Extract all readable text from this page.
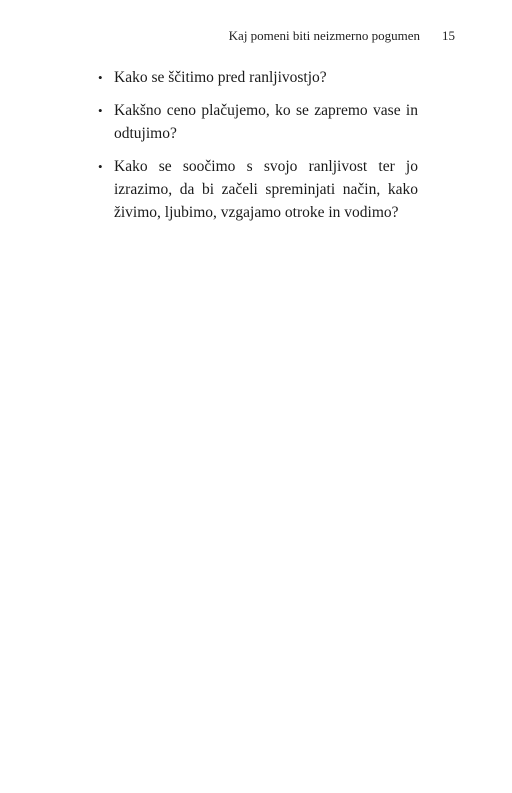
Kaj pomeni biti neizmerno pogumen 15
• Kako se ščitimo pred ranljivostjo?
• Kakšno ceno plačujemo, ko se zapremo vase in odtujimo?
• Kako se soočimo s svojo ranljivost ter jo izrazimo, da bi začeli spreminjati način, kako živimo, ljubimo, vzgajamo otroke in vodimo?
